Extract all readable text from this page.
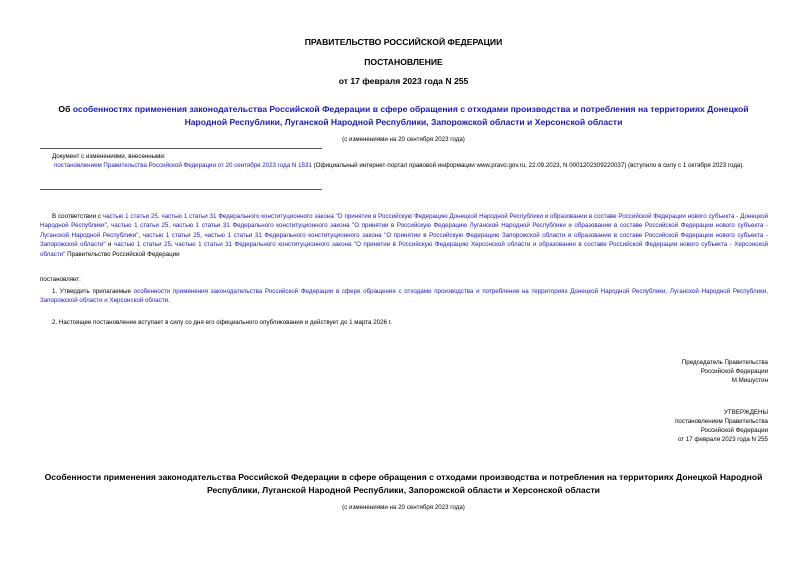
ПРАВИТЕЛЬСТВО РОССИЙСКОЙ ФЕДЕРАЦИИ
ПОСТАНОВЛЕНИЕ
от 17 февраля 2023 года N 255
Об особенностях применения законодательства Российской Федерации в сфере обращения с отходами производства и потребления на территориях Донецкой Народной Республики, Луганской Народной Республики, Запорожской области и Херсонской области
(с изменениями на 20 сентября 2023 года)
Документ с изменениями, внесенными:
постановлением Правительства Российской Федерации от 20 сентября 2023 года N 1531 (Официальный интернет-портал правовой информации www.pravo.gov.ru, 22.09.2023, N 0001202309220037) (вступило в силу с 1 октября 2023 года).
В соответствии с частью 1 статьи 25, частью 1 статьи 31 Федерального конституционного закона "О принятии в Российскую Федерацию Донецкой Народной Республики и образовании в составе Российской Федерации нового субъекта - Донецкой Народной Республики", частью 1 статьи 25, частью 1 статьи 31 Федерального конституционного закона "О принятии в Российскую Федерацию Луганской Народной Республики и образовании в составе Российской Федерации нового субъекта - Луганской Народной Республики", частью 1 статьи 25, частью 1 статьи 31 Федерального конституционного закона "О принятии в Российскую Федерацию Запорожской области и образовании в составе Российской Федерации нового субъекта - Запорожской области" и частью 1 статьи 25, частью 1 статьи 31 Федерального конституционного закона "О принятии в Российскую Федерацию Херсонской области и образовании в составе Российской Федерации нового субъекта - Херсонской области" Правительство Российской Федерации
постановляет:
1. Утвердить прилагаемые особенности применения законодательства Российской Федерации в сфере обращения с отходами производства и потребления на территориях Донецкой Народной Республики, Луганской Народной Республики, Запорожской области и Херсонской области.
2. Настоящее постановление вступает в силу со дня его официального опубликования и действует до 1 марта 2026 г.
Председатель Правительства
Российской Федерации
М.Мишустин
УТВЕРЖДЕНЫ
постановлением Правительства
Российской Федерации
от 17 февраля 2023 года N 255
Особенности применения законодательства Российской Федерации в сфере обращения с отходами производства и потребления на территориях Донецкой Народной Республики, Луганской Народной Республики, Запорожской области и Херсонской области
(с изменениями на 20 сентября 2023 года)
